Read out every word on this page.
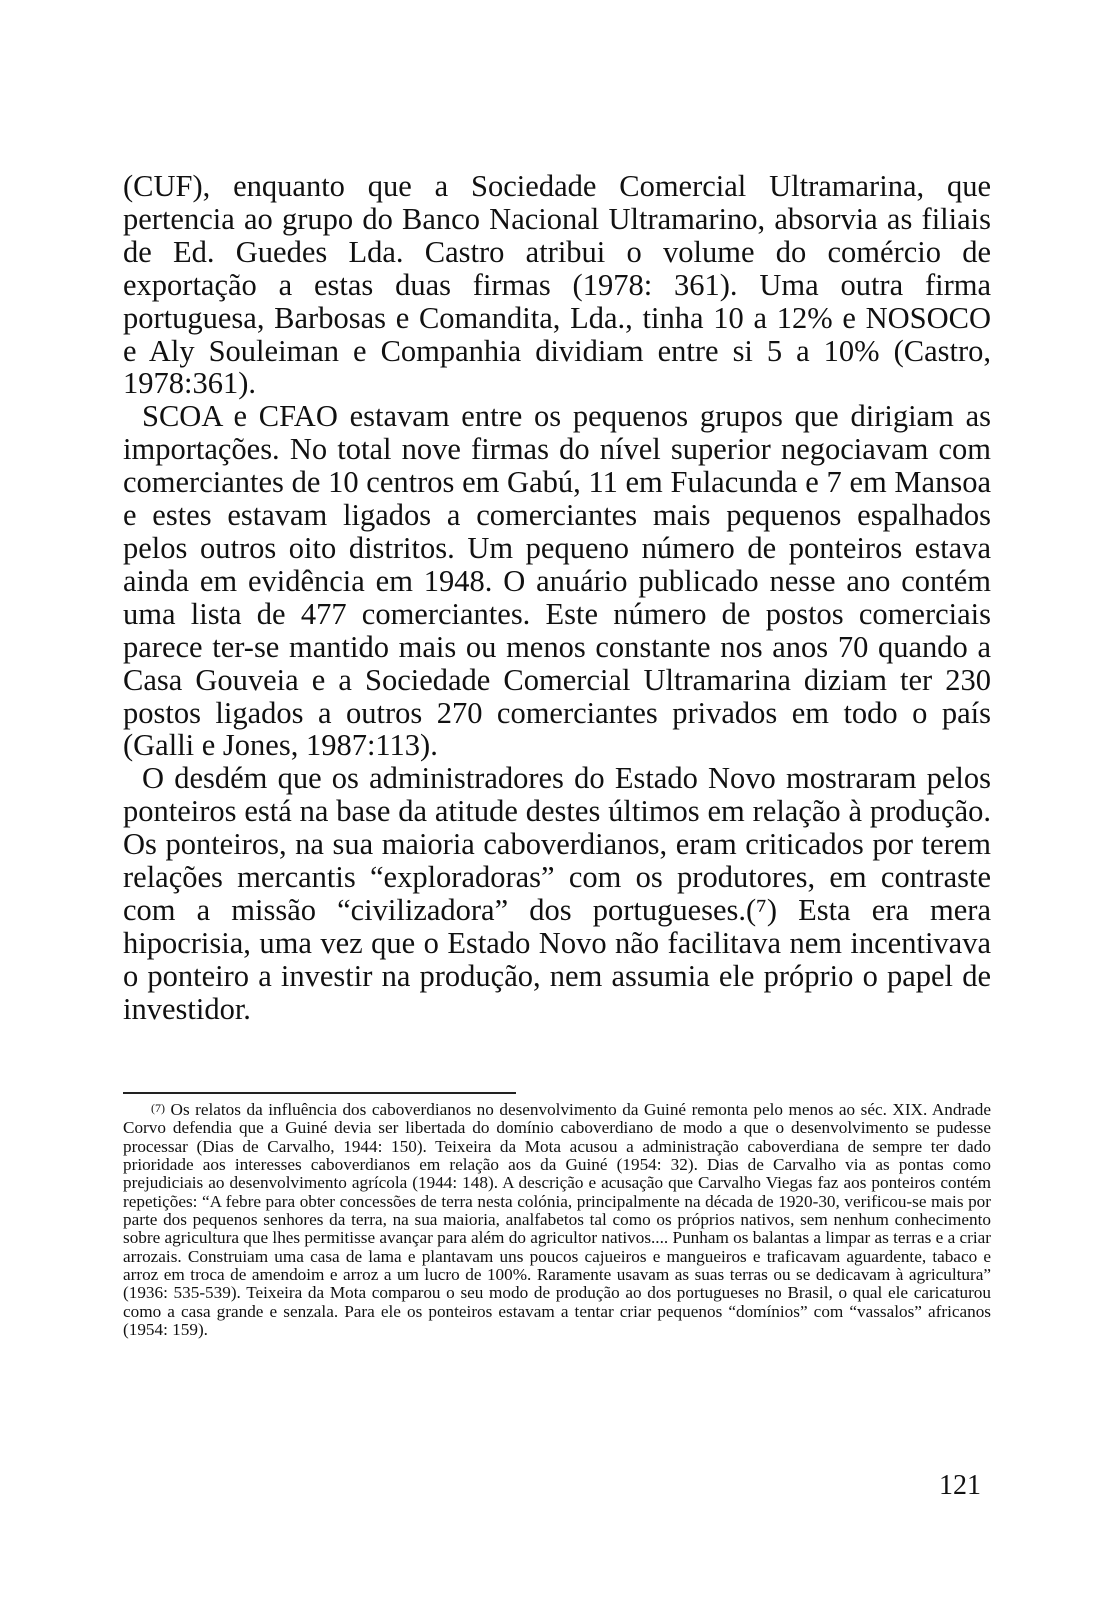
(CUF), enquanto que a Sociedade Comercial Ultramarina, que pertencia ao grupo do Banco Nacional Ultramarino, absorvia as filiais de Ed. Guedes Lda. Castro atribui o volume do comércio de exportação a estas duas firmas (1978: 361). Uma outra firma portuguesa, Barbosas e Comandita, Lda., tinha 10 a 12% e NOSOCO e Aly Souleiman e Companhia dividiam entre si 5 a 10% (Castro, 1978:361).

SCOA e CFAO estavam entre os pequenos grupos que dirigiam as importações. No total nove firmas do nível superior negociavam com comerciantes de 10 centros em Gabú, 11 em Fulacunda e 7 em Mansoa e estes estavam ligados a comerciantes mais pequenos espalhados pelos outros oito distritos. Um pequeno número de ponteiros estava ainda em evidência em 1948. O anuário publicado nesse ano contém uma lista de 477 comerciantes. Este número de postos comerciais parece ter-se mantido mais ou menos constante nos anos 70 quando a Casa Gouveia e a Sociedade Comercial Ultramarina diziam ter 230 postos ligados a outros 270 comerciantes privados em todo o país (Galli e Jones, 1987:113).

O desdém que os administradores do Estado Novo mostraram pelos ponteiros está na base da atitude destes últimos em relação à produção. Os ponteiros, na sua maioria caboverdianos, eram criticados por terem relações mercantis “exploradoras” com os produtores, em contraste com a missão “civilizadora” dos portugueses.(⁷) Esta era mera hipocrisia, uma vez que o Estado Novo não facilitava nem incentivava o ponteiro a investir na produção, nem assumia ele próprio o papel de investidor.

$^{(7)}$ Os relatos da influência dos caboverdianos no desenvolvimento da Guiné remonta pelo menos ao séc. XIX. Andrade Corvo defendia que a Guiné devia ser libertada do domínio caboverdiano de modo a que o desenvolvimento se pudesse processar (Dias de Carvalho, 1944: 150). Teixeira da Mota acusou a administração caboverdiana de sempre ter dado prioridade aos interesses caboverdianos em relação aos da Guiné (1954: 32). Dias de Carvalho via as pontas como prejudiciais ao desenvolvimento agrícola (1944: 148). A descrição e acusação que Carvalho Viegas faz aos ponteiros contém repetições: “A febre para obter concessões de terra nesta colónia, principalmente na década de 1920-30, verificou-se mais por parte dos pequenos senhores da terra, na sua maioria, analfabetos tal como os próprios nativos, sem nenhum conhecimento sobre agricultura que lhes permitisse avançar para além do agricultor nativos.... Punham os balantas a limpar as terras e a criar arrozais. Construiam uma casa de lama e plantavam uns poucos cajueiros e mangueiros e traficavam aguardente, tabaco e arroz em troca de amendoim e arroz a um lucro de 100%. Raramente usavam as suas terras ou se dedicavam à agricultura” (1936: 535-539). Teixeira da Mota comparou o seu modo de produção ao dos portugueses no Brasil, o qual ele caricaturou como a casa grande e senzala. Para ele os ponteiros estavam a tentar criar pequenos “domínios” com “vassalos” africanos (1954: 159).

121
